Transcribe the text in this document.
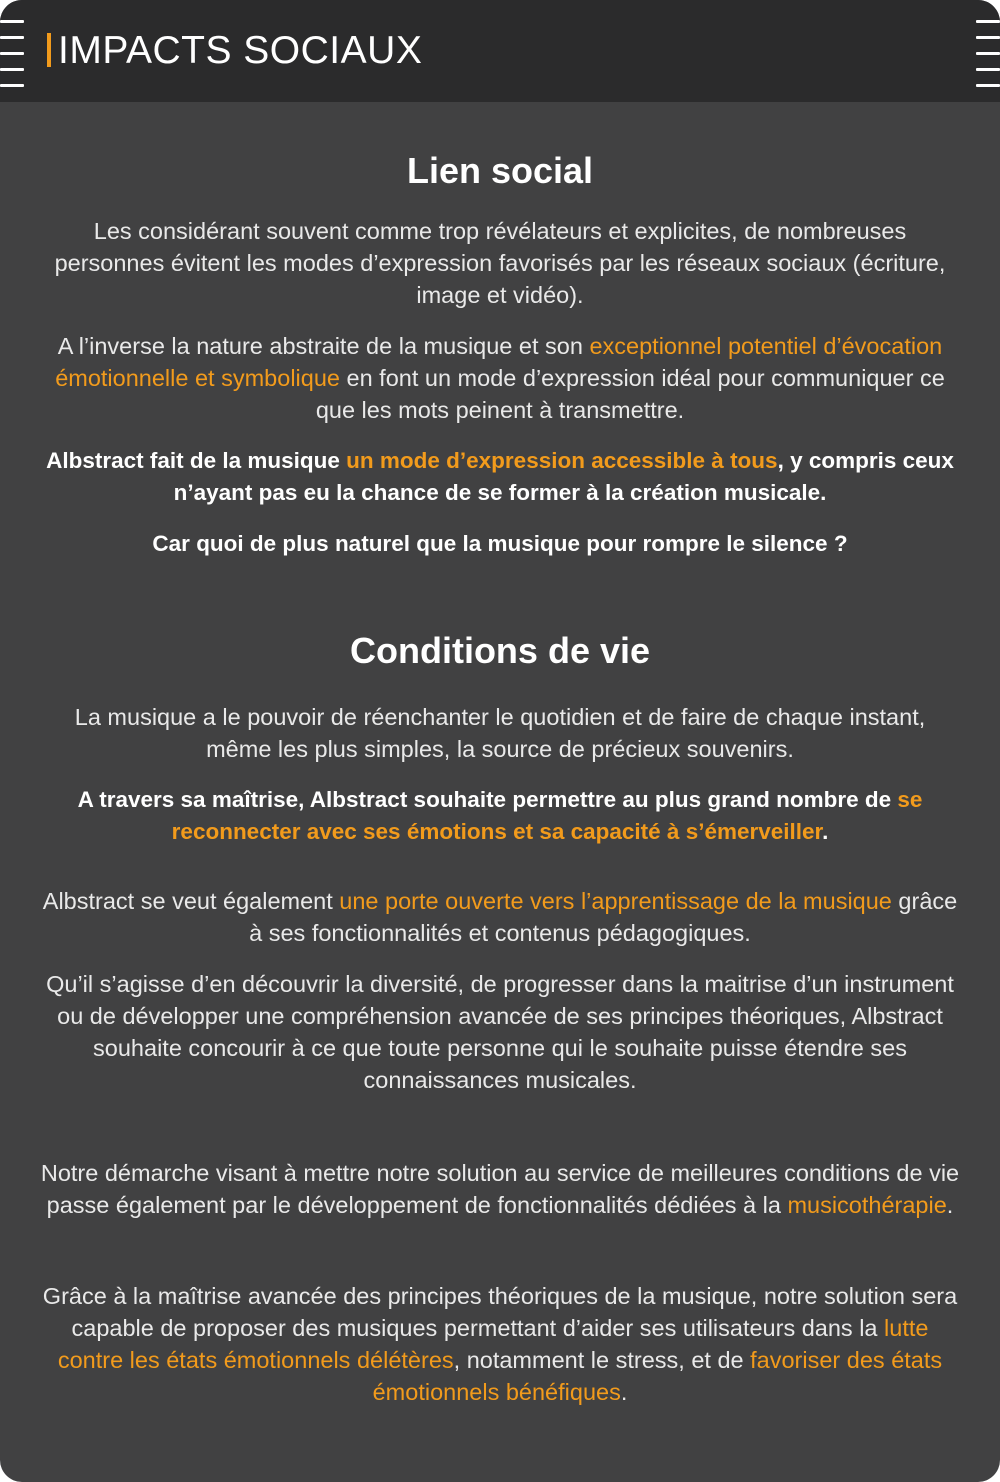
IMPACTS SOCIAUX
Lien social

Les considérant souvent comme trop révélateurs et explicites, de nombreuses personnes évitent les modes d’expression favorisés par les réseaux sociaux (écriture, image et vidéo).

A l’inverse la nature abstraite de la musique et son exceptionnel potentiel d’évocation émotionnelle et symbolique en font un mode d’expression idéal pour communiquer ce que les mots peinent à transmettre.

Albstract fait de la musique un mode d’expression accessible à tous, y compris ceux n’ayant pas eu la chance de se former à la création musicale.

Car quoi de plus naturel que la musique pour rompre le silence ?

Conditions de vie

La musique a le pouvoir de réenchanter le quotidien et de faire de chaque instant, même les plus simples, la source de précieux souvenirs.

A travers sa maîtrise, Albstract souhaite permettre au plus grand nombre de se reconnecter avec ses émotions et sa capacité à s’émerveiller.

Albstract se veut également une porte ouverte vers l’apprentissage de la musique grâce à ses fonctionnalités et contenus pédagogiques.

Qu’il s’agisse d’en découvrir la diversité, de progresser dans la maitrise d’un instrument ou de développer une compréhension avancée de ses principes théoriques, Albstract souhaite concourir à ce que toute personne qui le souhaite puisse étendre ses connaissances musicales.

Notre démarche visant à mettre notre solution au service de meilleures conditions de vie passe également par le développement de fonctionnalités dédiées à la musicothérapie.

Grâce à la maîtrise avancée des principes théoriques de la musique, notre solution sera capable de proposer des musiques permettant d’aider ses utilisateurs dans la lutte contre les états émotionnels délétères, notamment le stress, et de favoriser des états émotionnels bénéfiques.
